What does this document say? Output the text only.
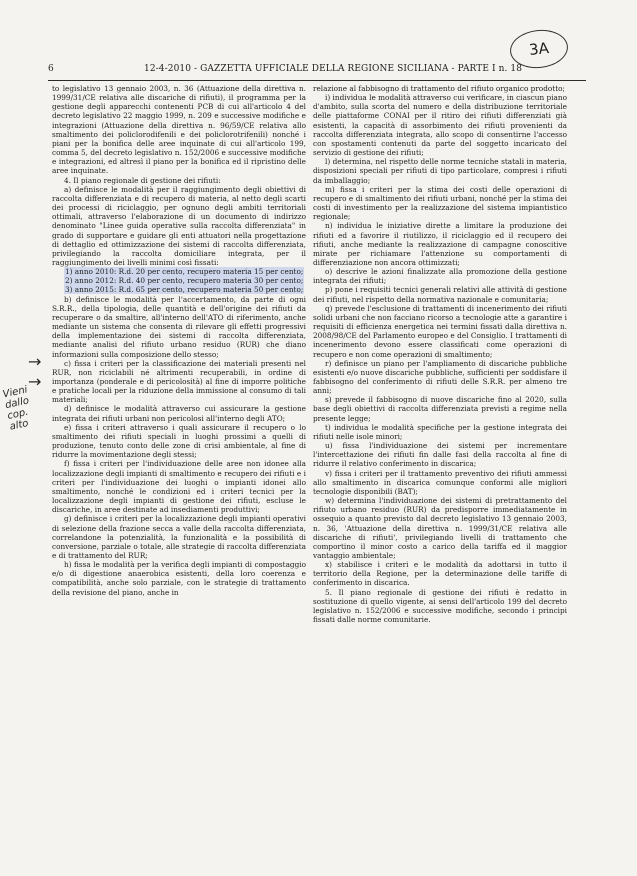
3A
6	12-4-2010 - GAZZETTA UFFICIALE DELLA REGIONE SICILIANA - PARTE I n. 18
→
→
Vieni dallo cop. alto

to legislativo 13 gennaio 2003, n. 36 (Attuazione della direttiva n. 1999/31/CE relativa alle discariche di rifiuti), il programma per la gestione degli apparecchi contenenti PCB di cui all'articolo 4 del decreto legislativo 22 maggio 1999, n. 209 e successive modifiche e integrazioni (Attuazione della direttiva n. 96/59/CE relativa allo smaltimento dei policlorodifenili e dei policlorotrifenili) nonché i piani per la bonifica delle aree inquinate di cui all'articolo 199, comma 5, del decreto legislativo n. 152/2006 e successive modifiche e integrazioni, ed altresì il piano per la bonifica ed il ripristino delle aree inquinate.

4. Il piano regionale di gestione dei rifiuti:

a) definisce le modalità per il raggiungimento degli obiettivi di raccolta differenziata e di recupero di materia, al netto degli scarti dei processi di riciclaggio, per ognuno degli ambiti territoriali ottimali, attraverso l'elaborazione di un documento di indirizzo denominato "Linee guida operative sulla raccolta differenziata" in grado di supportare e guidare gli enti attuatori nella progettazione di dettaglio ed ottimizzazione dei sistemi di raccolta differenziata, privilegiando la raccolta domiciliare integrata, per il raggiungimento dei livelli minimi così fissati:

1) anno 2010: R.d. 20 per cento, recupero materia 15 per cento;

2) anno 2012: R.d. 40 per cento, recupero materia 30 per cento;

3) anno 2015: R.d. 65 per cento, recupero materia 50 per cento;

b) definisce le modalità per l'accertamento, da parte di ogni S.R.R., della tipologia, delle quantità e dell'origine dei rifiuti da recuperare o da smaltire, all'interno dell'ATO di riferimento, anche mediante un sistema che consenta di rilevare gli effetti progressivi della implementazione dei sistemi di raccolta differenziata, mediante analisi del rifiuto urbano residuo (RUR) che diano informazioni sulla composizione dello stesso;

c) fissa i criteri per la classificazione dei materiali presenti nel RUR, non riciclabili né altrimenti recuperabili, in ordine di importanza (ponderale e di pericolosità) al fine di imporre politiche e pratiche locali per la riduzione della immissione al consumo di tali materiali;

d) definisce le modalità attraverso cui assicurare la gestione integrata dei rifiuti urbani non pericolosi all'interno degli ATO;

e) fissa i criteri attraverso i quali assicurare il recupero o lo smaltimento dei rifiuti speciali in luoghi prossimi a quelli di produzione, tenuto conto delle zone di crisi ambientale, al fine di ridurre la movimentazione degli stessi;

f) fissa i criteri per l'individuazione delle aree non idonee alla localizzazione degli impianti di smaltimento e recupero dei rifiuti e i criteri per l'individuazione dei luoghi o impianti idonei allo smaltimento, nonché le condizioni ed i criteri tecnici per la localizzazione degli impianti di gestione dei rifiuti, escluse le discariche, in aree destinate ad insediamenti produttivi;

g) definisce i criteri per la localizzazione degli impianti operativi di selezione della frazione secca a valle della raccolta differenziata, correlandone la potenzialità, la funzionalità e la possibilità di conversione, parziale o totale, alle strategie di raccolta differenziata e di trattamento del RUR;

h) fissa le modalità per la verifica degli impianti di compostaggio e/o di digestione anaerobica esistenti, della loro coerenza e compatibilità, anche solo parziale, con le strategie di trattamento della revisione del piano, anche in

relazione al fabbisogno di trattamento del rifiuto organico prodotto;

i) individua le modalità attraverso cui verificare, in ciascun piano d'ambito, sulla scorta del numero e della distribuzione territoriale delle piattaforme CONAI per il ritiro dei rifiuti differenziati già esistenti, la capacità di assorbimento dei rifiuti provenienti da raccolta differenziata integrata, allo scopo di consentirne l'accesso con spostamenti contenuti da parte del soggetto incaricato del servizio di gestione dei rifiuti;

l) determina, nel rispetto delle norme tecniche statali in materia, disposizioni speciali per rifiuti di tipo particolare, compresi i rifiuti da imballaggio;

m) fissa i criteri per la stima dei costi delle operazioni di recupero e di smaltimento dei rifiuti urbani, nonché per la stima dei costi di investimento per la realizzazione del sistema impiantistico regionale;

n) individua le iniziative dirette a limitare la produzione dei rifiuti ed a favorire il riutilizzo, il riciclaggio ed il recupero dei rifiuti, anche mediante la realizzazione di campagne conoscitive mirate per richiamare l'attenzione su comportamenti di differenziazione non ancora ottimizzati;

o) descrive le azioni finalizzate alla promozione della gestione integrata dei rifiuti;

p) pone i requisiti tecnici generali relativi alle attività di gestione dei rifiuti, nel rispetto della normativa nazionale e comunitaria;

q) prevede l'esclusione di trattamenti di incenerimento dei rifiuti solidi urbani che non facciano ricorso a tecnologie atte a garantire i requisiti di efficienza energetica nei termini fissati dalla direttiva n. 2008/98/CE del Parlamento europeo e del Consiglio. I trattamenti di incenerimento devono essere classificati come operazioni di recupero e non come operazioni di smaltimento;

r) definisce un piano per l'ampliamento di discariche pubbliche esistenti e/o nuove discariche pubbliche, sufficienti per soddisfare il fabbisogno del conferimento di rifiuti delle S.R.R. per almeno tre anni;

s) prevede il fabbisogno di nuove discariche fino al 2020, sulla base degli obiettivi di raccolta differenziata previsti a regime nella presente legge;

t) individua le modalità specifiche per la gestione integrata dei rifiuti nelle isole minori;

u) fissa l'individuazione dei sistemi per incrementare l'intercettazione dei rifiuti fin dalle fasi della raccolta al fine di ridurre il relativo conferimento in discarica;

v) fissa i criteri per il trattamento preventivo dei rifiuti ammessi allo smaltimento in discarica comunque conformi alle migliori tecnologie disponibili (BAT);

w) determina l'individuazione dei sistemi di pretrattamento del rifiuto urbano residuo (RUR) da predisporre immediatamente in ossequio a quanto previsto dal decreto legislativo 13 gennaio 2003, n. 36, 'Attuazione della direttiva n. 1999/31/CE relativa alle discariche di rifiuti', privilegiando livelli di trattamento che comportino il minor costo a carico della tariffa ed il maggior vantaggio ambientale;

x) stabilisce i criteri e le modalità da adottarsi in tutto il territorio della Regione, per la determinazione delle tariffe di conferimento in discarica.

5. Il piano regionale di gestione dei rifiuti è redatto in sostituzione di quello vigente, ai sensi dell'articolo 199 del decreto legislativo n. 152/2006 e successive modifiche, secondo i principi fissati dalle norme comunitarie.
